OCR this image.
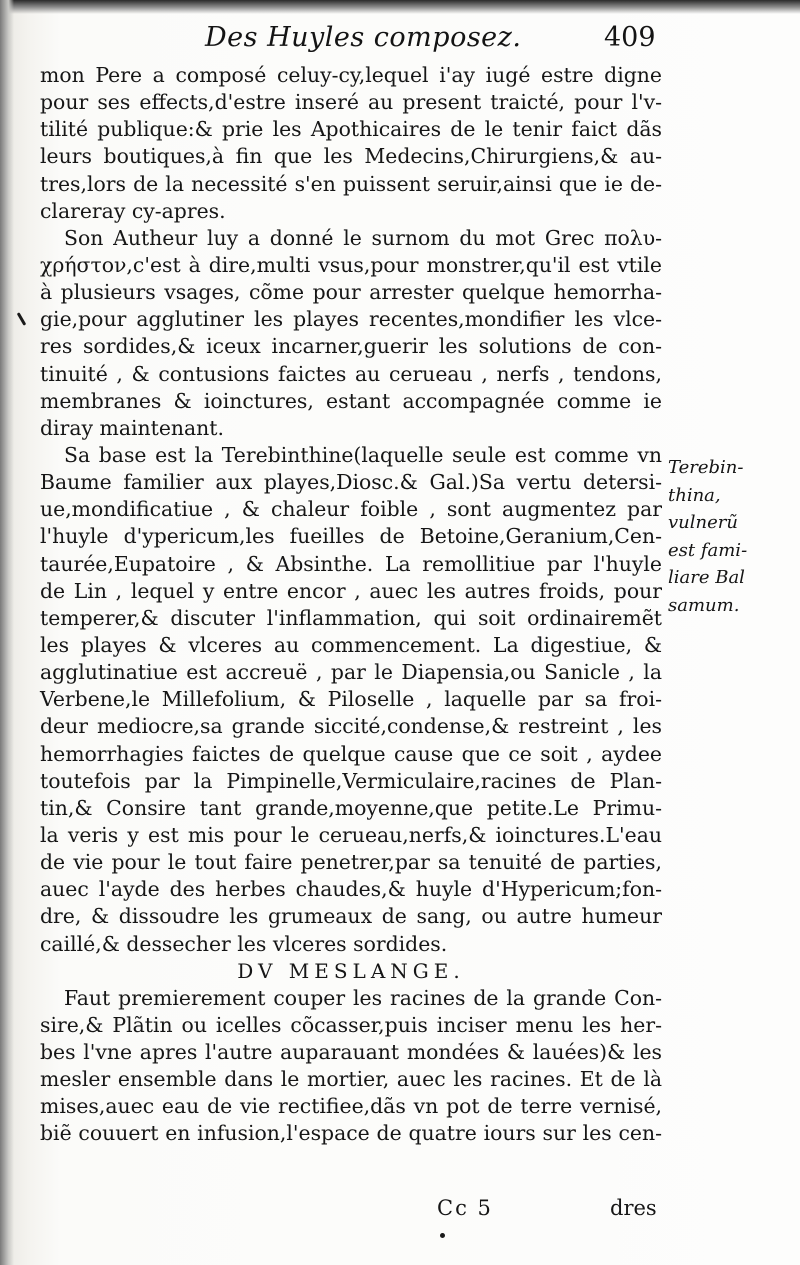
Des Huyles composez.	409
mon Pere a composé celuy-cy,lequel i'ay iugé estre digne
pour ses effects,d'estre inseré au present traicté, pour l'v-
tilité publique:& prie les Apothicaires de le tenir faict dãs
leurs boutiques,à fin que les Medecins,Chirurgiens,& au-
tres,lors de la necessité s'en puissent seruir,ainsi que ie de-
clareray cy-apres.
Son Autheur luy a donné le surnom du mot Grec πολυ-
χρήστον,c'est à dire,multi vsus,pour monstrer,qu'il est vtile
à plusieurs vsages, cõme pour arrester quelque hemorrha-
gie,pour agglutiner les playes recentes,mondifier les vlce-
res sordides,& iceux incarner,guerir les solutions de con-
tinuité , & contusions faictes au cerueau , nerfs , tendons,
membranes & ioinctures, estant accompagnée comme ie
diray maintenant.
Sa base est la Terebinthine(laquelle seule est comme vn
Baume familier aux playes,Diosc.& Gal.)Sa vertu detersi-
ue,mondificatiue , & chaleur foible , sont augmentez par
l'huyle d'ypericum,les fueilles de Betoine,Geranium,Cen-
taurée,Eupatoire , & Absinthe. La remollitiue par l'huyle
de Lin , lequel y entre encor , auec les autres froids, pour
temperer,& discuter l'inflammation, qui soit ordinairemẽt
les playes & vlceres au commencement. La digestiue, &
agglutinatiue est accreuë , par le Diapensia,ou Sanicle , la
Verbene,le Millefolium, & Pilosellе , laquelle par sa froi-
deur mediocre,sa grande siccité,condense,& restreint , les
hemorrhagies faictes de quelque cause que ce soit , aydee
toutefois par la Pimpinelle,Vermiculaire,racines de Plan-
tin,& Consire tant grande,moyenne,que petite.Le Primu-
la veris y est mis pour le cerueau,nerfs,& ioinctures.L'eau
de vie pour le tout faire penetrer,par sa tenuité de parties,
auec l'ayde des herbes chaudes,& huyle d'Hypericum;fon-
dre, & dissoudre les grumeaux de sang, ou autre humeur
caillé,& dessecher les vlceres sordides.
DV MESLANGE.
Faut premierement couper les racines de la grande Con-
sire,& Plãtin ou icelles cõcasser,puis inciser menu les her-
bes l'vne apres l'autre auparauant mondées & lauées)& les
mesler ensemble dans le mortier, auec les racines. Et de là
mises,auec eau de vie rectifiee,dãs vn pot de terre vernisé,
biẽ couuert en infusion,l'espace de quatre iours sur les cen-
Terebin-
thina,
vulnerũ
est fami-
liare Bal
samum.
Cc 5	dres
